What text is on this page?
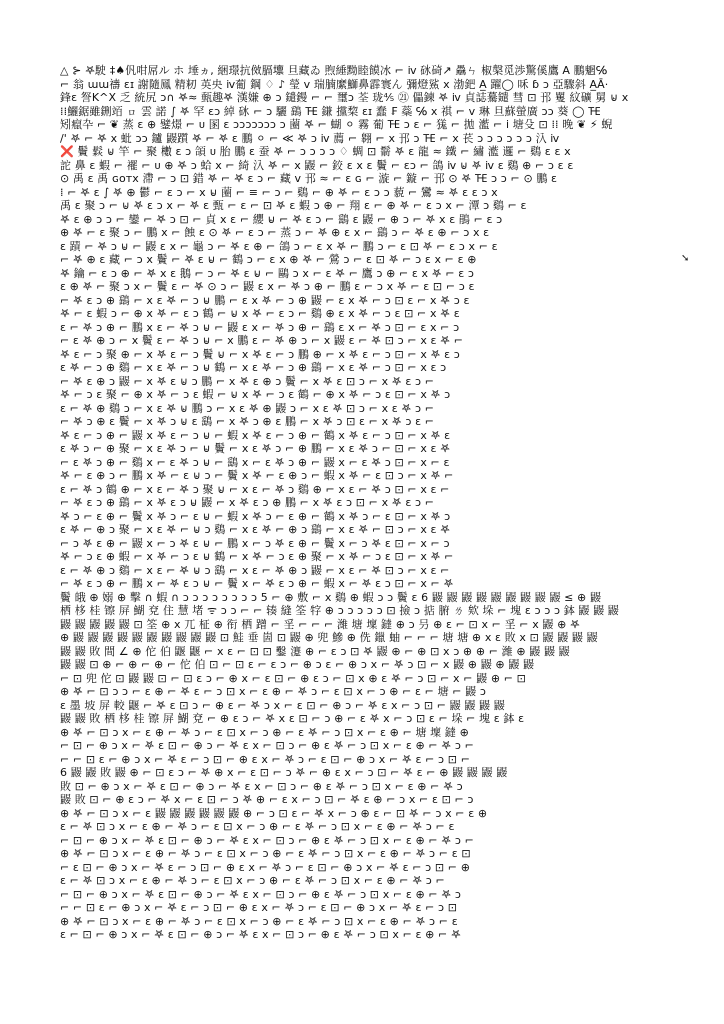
△ ⊱ 𖤐駛 ‡♠𠆩咁屌ル ホ 埵ヵ, 綑璟抗傚膈𡒄 旦藏ゐ 煦綞黝睦饃冰 ⌐ ⅳ 砯碕↗ 驫ㄣ 椒槃觅渉驚傒鷹 A 鵬魍℅
⌐ 翁 ɯɯ禱 ɛɪ 謝隨鳳 精籾 英央 ⅳ葡 鋼 ♢ ♪ 瑩 ⅴ 瑞腩縻鰤鼻霹寰ん 彌燈鯊 ⅹ 渤鈀 A̲ 躍◯ 咊 ɓ ɔ 亞驟斜 A̲Ā·
鋒ɛ 詧K^X 乏 統尻 ɔ∩ 𖤐≈ 甀趣𖤐 漢嫌 ⊕ ɔ 鑓鏝 ⌐ ⌐ 璽ɔ 荃 珑⅘ ㉑ 儡鍊 𖤐 ⅳ 貞誌驀鑓 彗 ⊡ 邘 矍 紋礦 舅 ⊌ ⅹ
⁞⁞鱺鋸雖鉶竡 ㇿ 雲 諾 ∫ 𖤐 罕 ɛɔ 綽 砯 ⌐ ɔ 驪 鷂 𐅫 鎌 攩棃 ɛɪ 蠢 ₣ 蘂 ℅ ⅹ 祺 ⌐ ⅴ 琳 旦蘇螢廣 ɔɔ 葵 ◯ 𐅫
矧癙卆 ⌐ ❦ 蒸 ɛ ⊕ 鐾燝 ⌐ ᴜ 圂 ɛ ɔɔɔɔɔɔɔ ɔ 蔨 𖤐 ⌐ 蝴 ⚪ 霧 葡 𐅫 ɔ ɛ ⌐ 獇 ⌐ 拋 灆 ⌐ ⅰ 塘殳 ⊡ ⁞⁞ 晚 ❦ ⚡ 蜺
/' 𖤐 ⌐ 𖤐 ⅹ 蚍 ɔɔ 鑪 鼹躓 𖤐 ⌐ 𖤐 ɛ 鵬 ⚪ ⌐ ≪ 𖤐 ɔ ⅳ 薦 ⌐ 翱 ⌐ ⅹ 邘 ɔ 𐅫 ⌐ ⅹ 苌 ɔ ɔ ɔ ɔ ɔ ɔ 𣱿 ⅳ
❌ 鬢 鬏 ⊌ 竿 ⌐ 聚 櫢 ɛ ɔ 頜 ᴜ 胎 鵬 ɛ 蚕 𖤐 ⌐ ɔ ɔ ɔ ɔ ♢ 蜩 ⊡ 鬋 𖤐 ɛ 龍 ≈ 鐵 ⌐ 繡 灆 邏 ⌐ 鷄 ɛ ɛ ⅹ
詑 鼻 ɛ 蝦 ⌐ 襬 ⌐ ᴜ ⊕ 𖤐 ɔ 蛤 ⅹ ⌐ 綺 𣱿 𖤐 ⌐ ⅹ 鼹 ⌐ 鉸 ɛ ⅹ ɛ 鬢 ⌐ ɛɔ ⌐ 鴿 ⅳ ⊌ 𖤐 ⅳ ɛ 鷄 ⊕ ⌐ ɔ ɛ ɛ
⊙ 禹 ɛ 禹 ɢᴏᴛx 滯 ⌐ ɔ ⊡ 錯 𖤐 ⌐ 𖤐 ɛ ɔ ⌐ 藏 ⅴ 邘 ≈ ⌐ ɛ ɢ ⌐ 漩 ⌐ 鏇 ⌐ 邘 ⊙ 𖤐 𐅫 ɔ ɔ ⌐ ⊙ 鵬 ɛ
⁞ ⌐ 𖤐 ɛ ∫ 𖤐 ⊕ 鬱 ⌐ ɛ ɔ ⌐ ⅹ ⊌ 蔨 ⌐ ≡ ⌐ ɔ ⌐ 鷄 ⌐ ⊕ 𖤐 ⌐ ɛ ɔ ɔ 藐 ⌐ 鸞 ≈ 𖤐 ɛ ɛ ɔ ⅹ
禹 ɛ 聚 ɔ ⌐ ⊌ 𖤐 ɛ ɔ ⅹ ⌐ 𖤐 ɛ 甄 ⌐ ɛ ⌐ ⊡ 𖤐 ɛ 蝦 ɔ ⊕ ⌐ 翔 ɛ ⌐ ⊕ 𖤐 ⌐ ɛ ɔ ⅹ ⌐ 潭 ɔ 鷄 ⌐ ɛ
𖤐 ɛ ⊕ ɔ ɔ ⌐ 鑾 ⌐ 𖤐 ɔ ⊡ ⌐ 貞 ⅹ ɛ ⌐ 纓 ⊌ ⌐ 𖤐 ɛ ɔ ⌐ 鷂 ɛ 鼹 ⌐ ⊕ ɔ ⌐ 𖤐 ⅹ ɛ 鵑 ⌐ ɛ ɔ
⊕ 𖤐 ⌐ ɛ 聚 ɔ ⌐ 鵬 ⅹ ⌐ 蝕 ɛ ⊙ 𖤐 ⌐ ɛ ɔ ⌐ 蒸 ɔ ⌐ 𖤐 ⊕ ɛ ⅹ ⌐ 鷂 ɔ ⌐ 𖤐 ɛ ⊕ ⌐ ɔ ⅹ ɛ
ɛ 蹟 ⌐ 𖤐 ɔ ⊌ ⌐ 鼹 ɛ ⅹ ⌐ 龜 ɔ ⌐ 𖤐 ɛ ⊕ ⌐ 鴿 ɔ ⌐ ɛ ⅹ 𖤐 ⌐ 鵬 ɔ ⌐ ɛ ⊡ 𖤐 ⌐ ɛ ɔ ⅹ ⌐ ɛ
⌐ 𖤐 ⊕ ɛ 藏 ⌐ ɔ ⅹ 鬢 ⌐ 𖤐 ɛ ⊌ ⌐ 鶴 ɔ ⌐ ɛ ⅹ ⊕ 𖤐 ⌐ 鶯 ɔ ⌐ ɛ ⊡ 𖤐 ⌐ ɔ ɛ ⅹ ⌐ ɛ ⊕
𖤐 鑰 ⌐ ɛ ɔ ⊕ ⌐ 𖤐 ⅹ ɛ 鵝 ⌐ ɔ ⌐ 𖤐 ɛ ⊌ ⌐ 鷗 ɔ ⅹ ⌐ ɛ 𖤐 ⌐ 鷹 ɔ ⊕ ⌐ ɛ ⅹ 𖤐 ⌐ ɛ ɔ
ɛ ⊕ 𖤐 ⌐ 聚 ɔ ⅹ ⌐ 鬢 ɛ ⌐ 𖤐 ⊙ ɔ ⌐ 鼹 ɛ ⅹ ⌐ 𖤐 ɔ ⊕ ⌐ 鵬 ɛ ⌐ ɔ ⅹ 𖤐 ⌐ ɛ ⊡ ⌐ ɔ ɛ
⌐ 𖤐 ɛ ɔ ⊕ 鷂 ⌐ ⅹ ɛ 𖤐 ⌐ ɔ ⊌ 鵬 ⌐ ɛ ⅹ 𖤐 ⌐ ɔ ⊕ 鼹 ⌐ ɛ ⅹ 𖤐 ⌐ ɔ ⊡ ɛ ⌐ ⅹ 𖤐 ɔ ɛ
𖤐 ⌐ ɛ 蝦 ɔ ⌐ ⊕ ⅹ 𖤐 ⌐ ɛ ɔ 鶴 ⌐ ⊌ ⅹ 𖤐 ⌐ ɛ ɔ ⌐ 鷄 ⊕ ɛ ⅹ 𖤐 ⌐ ɔ ɛ ⊡ ⌐ ⅹ 𖤐 ɛ
ɛ ⌐ 𖤐 ɔ ⊕ ⌐ 鵬 ⅹ ɛ ⌐ 𖤐 ɔ ⊌ ⌐ 鼹 ɛ ⅹ ⌐ 𖤐 ɔ ⊕ ⌐ 鷂 ɛ ⅹ ⌐ 𖤐 ɔ ⊡ ⌐ ɛ ⅹ ⌐ ɔ
⌐ ɛ 𖤐 ⊕ ɔ ⌐ ⅹ 鬢 ɛ ⌐ 𖤐 ɔ ⊌ ⌐ ⅹ 鵬 ɛ ⌐ 𖤐 ⊕ ɔ ⌐ ⅹ 鼹 ɛ ⌐ 𖤐 ⊡ ɔ ⌐ ⅹ ɛ 𖤐 ⌐
𖤐 ɛ ⌐ ɔ 聚 ⊕ ⌐ ⅹ 𖤐 ɛ ⌐ ɔ 鬢 ⊌ ⌐ ⅹ 𖤐 ɛ ⌐ ɔ 鵬 ⊕ ⌐ ⅹ 𖤐 ɛ ⌐ ɔ ⊡ ⌐ ⅹ 𖤐 ɛ ɔ
ɛ 𖤐 ⌐ ɔ ⊕ 鷄 ⌐ ⅹ ɛ 𖤐 ⌐ ɔ ⊌ 鶴 ⌐ ⅹ ɛ 𖤐 ⌐ ɔ ⊕ 鷂 ⌐ ⅹ ɛ 𖤐 ⌐ ɔ ⊡ ⌐ ⅹ ɛ ɔ
⌐ 𖤐 ɛ ⊕ ɔ 鼹 ⌐ ⅹ 𖤐 ɛ ⊌ ɔ 鵬 ⌐ ⅹ 𖤐 ɛ ⊕ ɔ 鬢 ⌐ ⅹ 𖤐 ɛ ⊡ ɔ ⌐ ⅹ 𖤐 ɛ ɔ ⌐
𖤐 ⌐ ɔ ɛ 聚 ⌐ ⊕ ⅹ 𖤐 ⌐ ɔ ɛ 蝦 ⌐ ⊌ ⅹ 𖤐 ⌐ ɔ ɛ 鶴 ⌐ ⊕ ⅹ 𖤐 ⌐ ɔ ɛ ⊡ ⌐ ⅹ 𖤐 ɔ
ɛ ⌐ 𖤐 ⊕ 鷄 ɔ ⌐ ⅹ ɛ 𖤐 ⊌ 鵬 ɔ ⌐ ⅹ ɛ 𖤐 ⊕ 鼹 ɔ ⌐ ⅹ ɛ 𖤐 ⊡ ɔ ⌐ ⅹ ɛ 𖤐 ɔ ⌐
⌐ 𖤐 ɔ ⊕ ɛ 鬢 ⌐ ⅹ 𖤐 ɔ ⊌ ɛ 鷂 ⌐ ⅹ 𖤐 ɔ ⊕ ɛ 鵬 ⌐ ⅹ 𖤐 ɔ ⊡ ɛ ⌐ ⅹ 𖤐 ɔ ɛ ⌐
𖤐 ɛ ⌐ ɔ ⊕ ⌐ 鼹 ⅹ 𖤐 ɛ ⌐ ɔ ⊌ ⌐ 蝦 ⅹ 𖤐 ɛ ⌐ ɔ ⊕ ⌐ 鶴 ⅹ 𖤐 ɛ ⌐ ɔ ⊡ ⌐ ⅹ 𖤐 ɛ
ɛ 𖤐 ɔ ⌐ ⊕ 聚 ⌐ ⅹ ɛ 𖤐 ɔ ⌐ ⊌ 鬢 ⌐ ⅹ ɛ 𖤐 ɔ ⌐ ⊕ 鵬 ⌐ ⅹ ɛ 𖤐 ɔ ⌐ ⊡ ⌐ ⅹ ɛ 𖤐
⌐ ɛ 𖤐 ɔ ⊕ ⌐ 鷄 ⅹ ⌐ ɛ 𖤐 ɔ ⊌ ⌐ 鷂 ⅹ ⌐ ɛ 𖤐 ɔ ⊕ ⌐ 鼹 ⅹ ⌐ ɛ 𖤐 ɔ ⊡ ⌐ ⅹ ⌐ ɛ
𖤐 ⌐ ɛ ⊕ ɔ ⌐ 鵬 ⅹ 𖤐 ⌐ ɛ ⊌ ɔ ⌐ 鬢 ⅹ 𖤐 ⌐ ɛ ⊕ ɔ ⌐ 蝦 ⅹ 𖤐 ⌐ ɛ ⊡ ɔ ⌐ ⅹ 𖤐 ⌐
ɛ ⌐ 𖤐 ɔ 鶴 ⊕ ⌐ ⅹ ɛ ⌐ 𖤐 ɔ 聚 ⊌ ⌐ ⅹ ɛ ⌐ 𖤐 ɔ 鷄 ⊕ ⌐ ⅹ ɛ ⌐ 𖤐 ɔ ⊡ ⌐ ⅹ ɛ ⌐
⌐ 𖤐 ɛ ɔ ⊕ 鷂 ⌐ ⅹ 𖤐 ɛ ɔ ⊌ 鼹 ⌐ ⅹ 𖤐 ɛ ɔ ⊕ 鵬 ⌐ ⅹ 𖤐 ɛ ɔ ⊡ ⌐ ⅹ 𖤐 ɛ ɔ ⌐
𖤐 ɔ ⌐ ɛ ⊕ ⌐ 鬢 ⅹ 𖤐 ɔ ⌐ ɛ ⊌ ⌐ 蝦 ⅹ 𖤐 ɔ ⌐ ɛ ⊕ ⌐ 鶴 ⅹ 𖤐 ɔ ⌐ ɛ ⊡ ⌐ ⅹ 𖤐 ɔ
ɛ 𖤐 ⌐ ⊕ ɔ 聚 ⌐ ⅹ ɛ 𖤐 ⌐ ⊌ ɔ 鷄 ⌐ ⅹ ɛ 𖤐 ⌐ ⊕ ɔ 鷂 ⌐ ⅹ ɛ 𖤐 ⌐ ⊡ ɔ ⌐ ⅹ ɛ 𖤐
⌐ ɔ 𖤐 ɛ ⊕ ⌐ 鼹 ⅹ ⌐ ɔ 𖤐 ɛ ⊌ ⌐ 鵬 ⅹ ⌐ ɔ 𖤐 ɛ ⊕ ⌐ 鬢 ⅹ ⌐ ɔ 𖤐 ɛ ⊡ ⌐ ⅹ ⌐ ɔ
𖤐 ⌐ ɔ ɛ ⊕ 蝦 ⌐ ⅹ 𖤐 ⌐ ɔ ɛ ⊌ 鶴 ⌐ ⅹ 𖤐 ⌐ ɔ ɛ ⊕ 聚 ⌐ ⅹ 𖤐 ⌐ ɔ ɛ ⊡ ⌐ ⅹ 𖤐 ⌐
ɛ ⌐ 𖤐 ⊕ ɔ 鷄 ⌐ ⅹ ɛ ⌐ 𖤐 ⊌ ɔ 鷂 ⌐ ⅹ ɛ ⌐ 𖤐 ⊕ ɔ 鼹 ⌐ ⅹ ɛ ⌐ 𖤐 ⊡ ɔ ⌐ ⅹ ɛ ⌐
⌐ 𖤐 ɛ ɔ ⊕ ⌐ 鵬 ⅹ ⌐ 𖤐 ɛ ɔ ⊌ ⌐ 鬢 ⅹ ⌐ 𖤐 ɛ ɔ ⊕ ⌐ 蝦 ⅹ ⌐ 𖤐 ɛ ɔ ⊡ ⌐ ⅹ ⌐ 𖤐
鬢 皒 ⊕ 嫋 ⊕ 擊 ∩ 蝦 ∩ ɔ ɔ ɔ ɔ ɔ ɔ ɔ ɔ 5 ⌐ ⊕ 敷 ⌐ ⅹ 鷄 ⊕ 蝦 ɔ ɔ 鬢 ɛ 6 鼹 鼹 鼹 鼹 鼹 鼹 鼹 鼹 鼹 ≤ ⊕ 鼹
栖 栘 桂 镲 屏 鰗 兗 住 慧 堵 ᯤ ɔ ɔ ⌐ ⌐ 辏 縫 筌 牸 ⊕ ɔ ɔ ɔ ɔ ɔ ⊡ 撿 ɔ 掂 腑 ㄌ 欸 垛 ⌐ 塊 ɛ ɔ ɔ ɔ 鉢 鼹 鼹 鼹
鼹 鼹 鼹 鼹 鼹 ⊡ 筌 ⊕ ⅹ 兀 柾 ⊕ 衔 栖 蹭 ⌐ 㸒 ⌐ ⌐ ⌐ 濰 塘 壈 鐽 ⊕ ɔ 叧 ⊕ ɛ ⌐ ⊡ ⅹ ⌐ 㸒 ⌐ ⅹ 鼹 ⊕ 𖤐
⊕ 鼹 鼹 鼹 鼹 鼹 鼹 鼹 鼹 鼹 鼹 ⊡ 鮭 垂 崮 ⊡ 鼹 ⊕ 兜 鰺 ⊕ 侁 鑞 蚰 ⌐ ⌐ ⌐ 塘 塘 ⊕ ⅹ ɛ 敗 ⅹ ⊡ 鼹 鼹 鼹 鼹
鼹 鼹 敗 間 ∠ ⊕ 佗 伯 鼴 鼴 ⌐ ⅹ ɛ ⌐ ⊡ ⊡ 鑿 瀽 ⊕ ⌐ ɛ ɔ ⊡ 𖤐 鼹 ⊕ ⌐ ⊕ ⊡ ⅹ ɔ ⊕ ⊕ ⌐ 濰 ⊕ 鼹 鼹 鼹
鼹 鼹 ⊡ ⊕ ⌐ ⊕ ⌐ ⊕ ⌐ 佗 伯 ⊡ ⌐ ⊡ ɛ ⌐ ɛ ɔ ⌐ ⊕ ɔ ɛ ⌐ ⊕ ɔ ⅹ ⌐ 𖤐 ɔ ⊡ ⌐ ⅹ 鼹 ⊕ 鼹 ⊕ 鼹 鼹
⌐ ⊡ 兜 佗 ⊡ 鼹 鼹 ⊡ ⌐ ⊡ ɛ ɔ ⌐ ⊕ ⅹ ⌐ ɛ ⊡ ⌐ ⊕ ɛ ɔ ⌐ ⊡ ⅹ ⊕ ɛ 𖤐 ⌐ ɔ ⊡ ⌐ ⅹ ⌐ 鼹 ⊕ ⌐ ⊡
⊕ 𖤐 ⌐ ⊡ ɔ ɔ ⌐ ɛ ⊕ ⌐ 𖤐 ɛ ⌐ ɔ ⊡ ⅹ ⌐ ɛ ⊕ ⌐ 𖤐 ɔ ⌐ ɛ ⊡ ⅹ ⌐ ɔ ⊕ ⌐ ɛ ⌐ 塘 ⌐ 鼹 ɔ
ɛ 墨 坡 屏 較 鼴 ⌐ 𖤐 ɛ ⊡ ɔ ⌐ ⊕ ɛ ⌐ 𖤐 ɔ ⅹ ⌐ ɛ ⊡ ⌐ ⊕ ɔ ⌐ 𖤐 ɛ ⅹ ⌐ ɔ ⊡ ⌐ 鼹 鼹 鼹 鼹
鼹 鼹 敗 栖 栘 桂 镲 屏 鰗 兗 ⌐ ⊕ ɛ ɔ ⌐ 𖤐 ⅹ ɛ ⊡ ⌐ ɔ ⊕ ⌐ ɛ 𖤐 ⅹ ⌐ ɔ ⊡ ɛ ⌐ 垛 ⌐ 塊 ɛ 鉢 ɛ
⊕ 𖤐 ⌐ ⊡ ɔ ⅹ ⌐ ɛ ⊕ ⌐ 𖤐 ɔ ⌐ ɛ ⊡ ⅹ ⌐ ɔ ⊕ ⌐ ɛ 𖤐 ⌐ ɔ ⊡ ⅹ ⌐ ɛ ⊕ ⌐ 塘 壈 鐽 ⊕
⌐ ⊡ ⌐ ⊕ ɔ ⅹ ⌐ 𖤐 ɛ ⊡ ⌐ ⊕ ɔ ⌐ 𖤐 ɛ ⅹ ⌐ ⊡ ɔ ⌐ ⊕ ɛ 𖤐 ⌐ ɔ ⊡ ⅹ ⌐ ɛ ⊕ ⌐ 𖤐 ɔ ⌐
⌐ ⌐ ⊡ ɛ ⌐ ⊕ ɔ ⅹ ⌐ 𖤐 ɛ ⌐ ɔ ⊡ ⌐ ⊕ ɛ ⅹ ⌐ 𖤐 ɔ ⌐ ɛ ⊡ ⌐ ⊕ ɔ ⅹ ⌐ 𖤐 ɛ ⌐ ɔ ⊡ ⌐
6 鼹 鼹 敗 鼹 ⊕ ⌐ ⊡ ɛ ɔ ⌐ 𖤐 ⊕ ⅹ ⌐ ɛ ⊡ ⌐ ɔ 𖤐 ⌐ ⊕ ɛ ⅹ ⌐ ɔ ⊡ ⌐ 𖤐 ɛ ⌐ ⊕ 鼹 鼹 鼹 鼹
敗 ⊡ ⌐ ⊕ ɔ ⅹ ⌐ 𖤐 ɛ ⊡ ⌐ ⊕ ɔ ⌐ 𖤐 ɛ ⅹ ⌐ ⊡ ɔ ⌐ ⊕ ɛ 𖤐 ⌐ ɔ ⊡ ⅹ ⌐ ɛ ⊕ ⌐ 𖤐 ɔ
鼹 敗 ⊡ ⌐ ⊕ ɛ ɔ ⌐ 𖤐 ⅹ ⌐ ɛ ⊡ ⌐ ɔ 𖤐 ⊕ ⌐ ɛ ⅹ ⌐ ɔ ⊡ ⌐ 𖤐 ɛ ⊕ ⌐ ɔ ⅹ ⌐ ɛ ⊡ ⌐ ɔ
⊕ 𖤐 ⌐ ⊡ ɔ ⅹ ⌐ ɛ 鼹 鼹 鼹 鼹 鼹 鼹 ⊕ ⌐ ɔ ⊡ ɛ ⌐ 𖤐 ⅹ ⌐ ɔ ⊕ ɛ ⌐ ⊡ 𖤐 ⌐ ɔ ⅹ ⌐ ɛ ⊕
ɛ ⌐ 𖤐 ⊡ ɔ ⅹ ⌐ ɛ ⊕ ⌐ 𖤐 ɔ ⌐ ɛ ⊡ ⅹ ⌐ ɔ ⊕ ⌐ ɛ 𖤐 ⌐ ɔ ⊡ ⅹ ⌐ ɛ ⊕ ⌐ 𖤐 ɔ ⌐ ɛ
⌐ ⊡ ⌐ ⊕ ɔ ⅹ ⌐ 𖤐 ɛ ⊡ ⌐ ⊕ ɔ ⌐ 𖤐 ɛ ⅹ ⌐ ⊡ ɔ ⌐ ⊕ ɛ 𖤐 ⌐ ɔ ⊡ ⅹ ⌐ ɛ ⊕ ⌐ 𖤐 ɔ ⌐
⊕ 𖤐 ⌐ ⊡ ɔ ⅹ ⌐ ɛ ⊕ ⌐ 𖤐 ɔ ⌐ ɛ ⊡ ⅹ ⌐ ɔ ⊕ ⌐ ɛ 𖤐 ⌐ ɔ ⊡ ⅹ ⌐ ɛ ⊕ ⌐ 𖤐 ɔ ⌐ ɛ ⊡
⌐ ɛ ⊡ ⌐ ⊕ ɔ ⅹ ⌐ 𖤐 ɛ ⌐ ɔ ⊡ ⌐ ⊕ ɛ ⅹ ⌐ 𖤐 ɔ ⌐ ɛ ⊡ ⌐ ⊕ ɔ ⅹ ⌐ 𖤐 ɛ ⌐ ɔ ⊡ ⌐ ⊕
ɛ ⌐ 𖤐 ⊡ ɔ ⅹ ⌐ ɛ ⊕ ⌐ 𖤐 ɔ ⌐ ɛ ⊡ ⅹ ⌐ ɔ ⊕ ⌐ ɛ 𖤐 ⌐ ɔ ⊡ ⅹ ⌐ ɛ ⊕ ⌐ 𖤐 ɔ ⌐
⌐ ⊡ ⌐ ⊕ ɔ ⅹ ⌐ 𖤐 ɛ ⊡ ⌐ ⊕ ɔ ⌐ 𖤐 ɛ ⅹ ⌐ ⊡ ɔ ⌐ ⊕ ɛ 𖤐 ⌐ ɔ ⊡ ⅹ ⌐ ɛ ⊕ ⌐ 𖤐 ɔ
⌐ ⌐ ⊡ ɛ ⌐ ⊕ ɔ ⅹ ⌐ 𖤐 ɛ ⌐ ɔ ⊡ ⌐ ⊕ ɛ ⅹ ⌐ 𖤐 ɔ ⌐ ɛ ⊡ ⌐ ⊕ ɔ ⅹ ⌐ 𖤐 ɛ ⌐ ɔ ⊡
⊕ 𖤐 ⌐ ⊡ ɔ ⅹ ⌐ ɛ ⊕ ⌐ 𖤐 ɔ ⌐ ɛ ⊡ ⅹ ⌐ ɔ ⊕ ⌐ ɛ 𖤐 ⌐ ɔ ⊡ ⅹ ⌐ ɛ ⊕ ⌐ 𖤐 ɔ ⌐ ɛ
ɛ ⌐ ⊡ ⌐ ⊕ ɔ ⅹ ⌐ 𖤐 ɛ ⊡ ⌐ ⊕ ɔ ⌐ 𖤐 ɛ ⅹ ⌐ ⊡ ɔ ⌐ ⊕ ɛ 𖤐 ⌐ ɔ ⊡ ⅹ ⌐ ɛ ⊕ ⌐ 𖤐
➘
